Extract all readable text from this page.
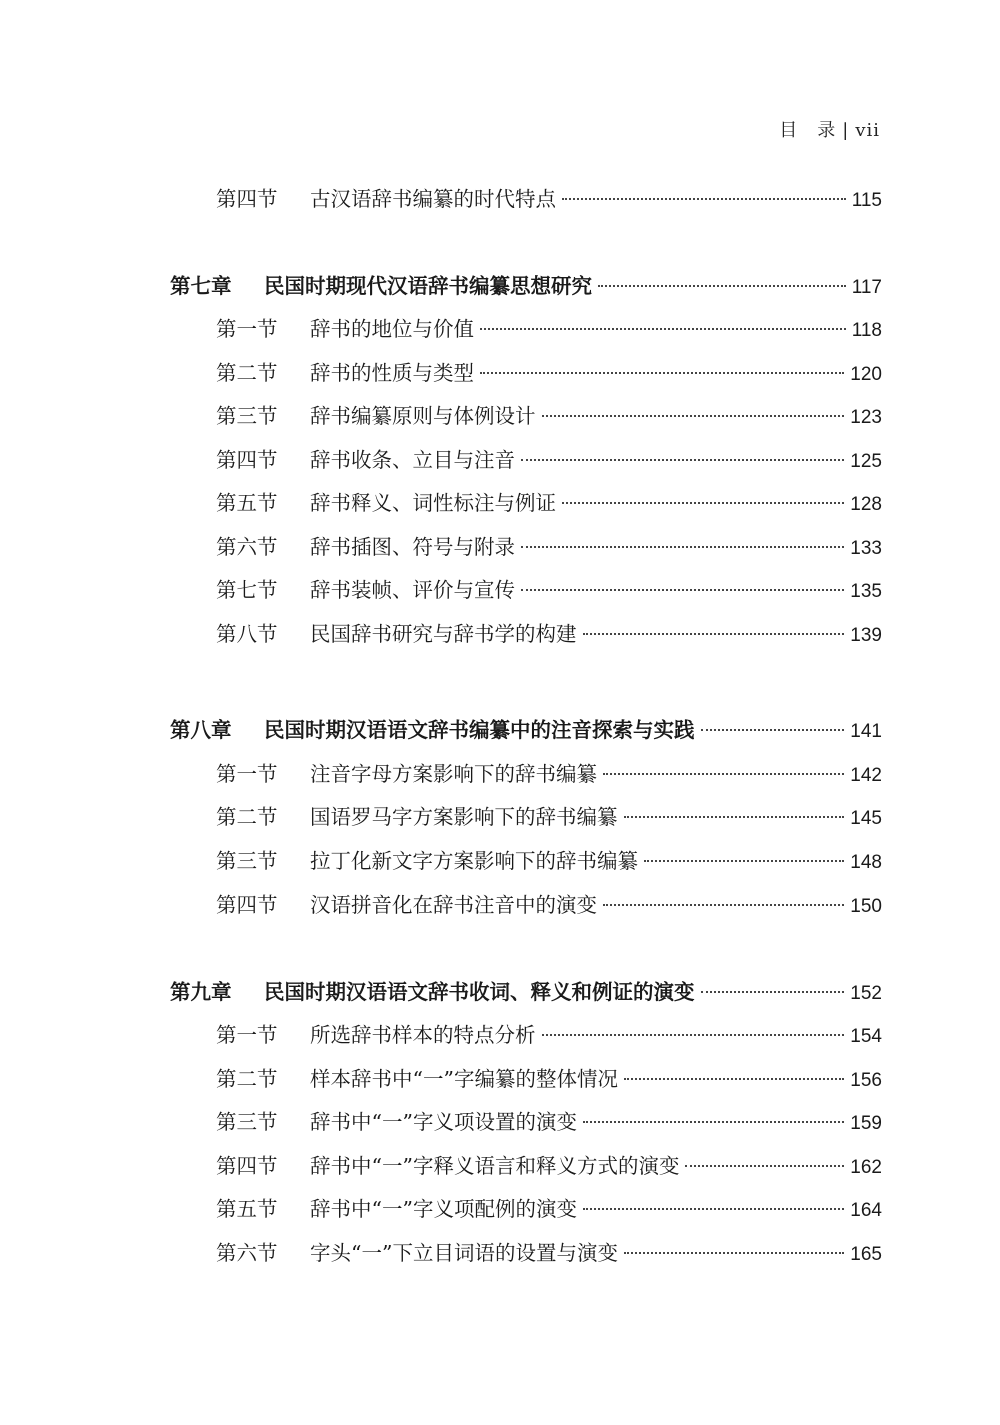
目　录 | vii
第四节	古汉语辞书编纂的时代特点	115
第七章	民国时期现代汉语辞书编纂思想研究	117
第一节	辞书的地位与价值	118
第二节	辞书的性质与类型	120
第三节	辞书编纂原则与体例设计	123
第四节	辞书收条、立目与注音	125
第五节	辞书释义、词性标注与例证	128
第六节	辞书插图、符号与附录	133
第七节	辞书装帧、评价与宣传	135
第八节	民国辞书研究与辞书学的构建	139
第八章	民国时期汉语语文辞书编纂中的注音探索与实践	141
第一节	注音字母方案影响下的辞书编纂	142
第二节	国语罗马字方案影响下的辞书编纂	145
第三节	拉丁化新文字方案影响下的辞书编纂	148
第四节	汉语拼音化在辞书注音中的演变	150
第九章	民国时期汉语语文辞书收词、释义和例证的演变	152
第一节	所选辞书样本的特点分析	154
第二节	样本辞书中“一”字编纂的整体情况	156
第三节	辞书中“一”字义项设置的演变	159
第四节	辞书中“一”字释义语言和释义方式的演变	162
第五节	辞书中“一”字义项配例的演变	164
第六节	字头“一”下立目词语的设置与演变	165
